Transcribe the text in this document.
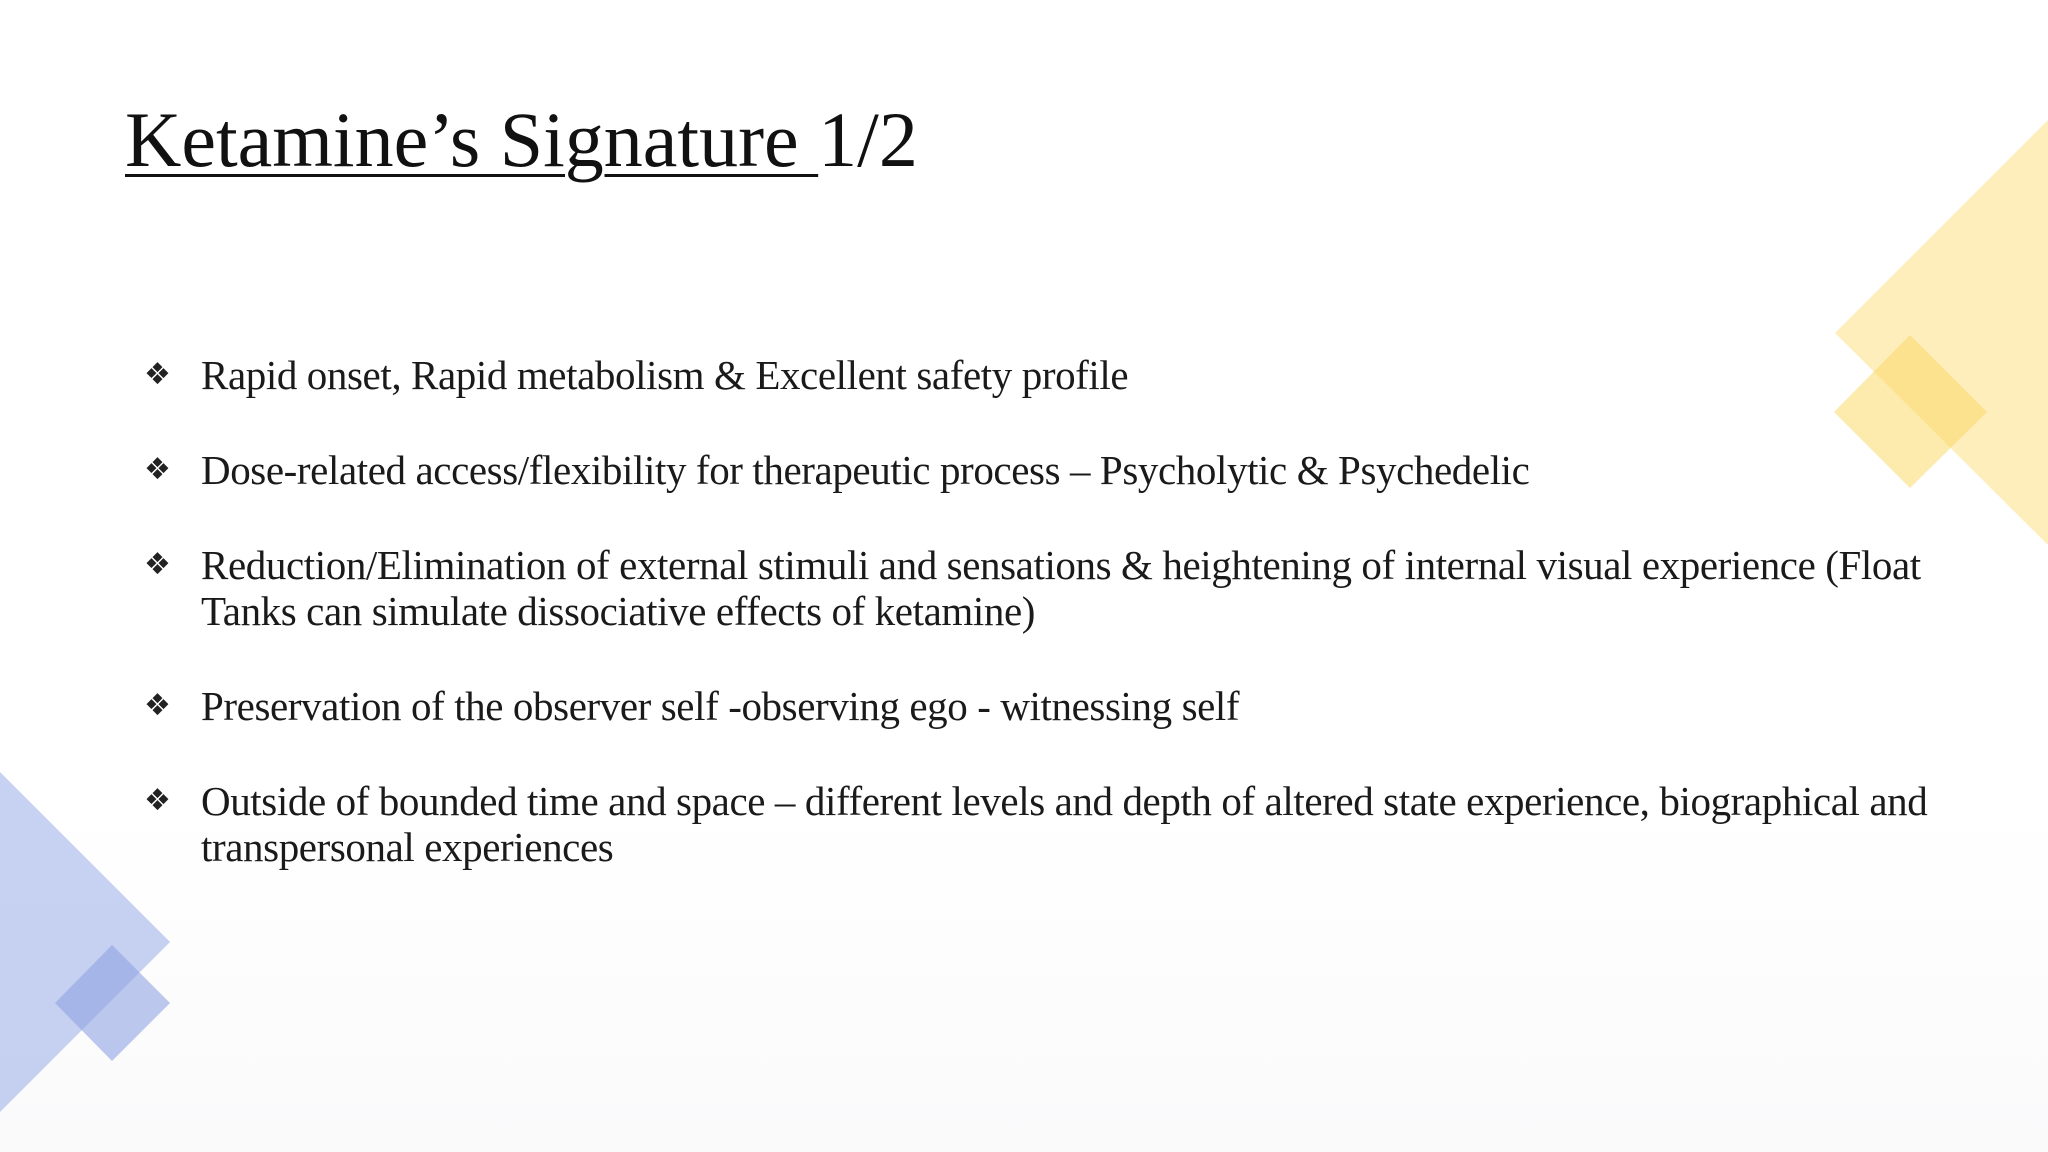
Ketamine’s Signature 1/2
❖ Rapid onset, Rapid metabolism & Excellent safety profile
❖ Dose-related access/flexibility for therapeutic process – Psycholytic & Psychedelic
❖ Reduction/Elimination of external stimuli and sensations & heightening of internal visual experience (Float Tanks can simulate dissociative effects of ketamine)
❖ Preservation of the observer self -observing ego - witnessing self
❖ Outside of bounded time and space – different levels and depth of altered state experience, biographical and transpersonal experiences
